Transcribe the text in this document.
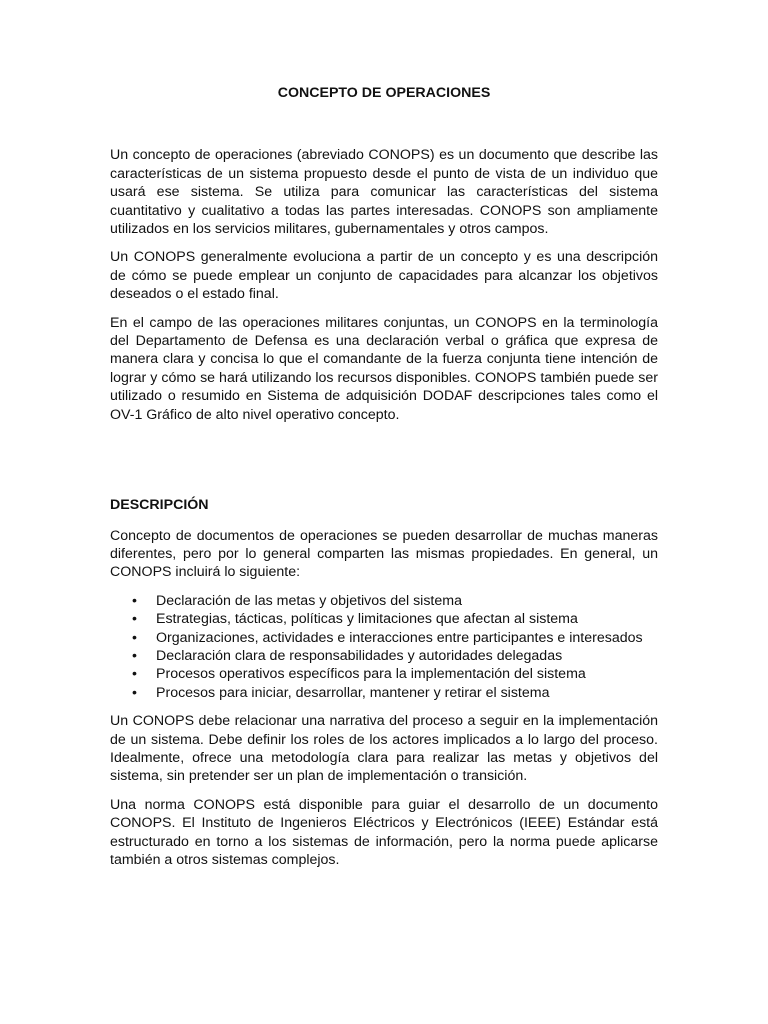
CONCEPTO DE OPERACIONES

Un concepto de operaciones (abreviado CONOPS) es un documento que describe las características de un sistema propuesto desde el punto de vista de un individuo que usará ese sistema. Se utiliza para comunicar las características del sistema cuantitativo y cualitativo a todas las partes interesadas. CONOPS son ampliamente utilizados en los servicios militares, gubernamentales y otros campos.

Un CONOPS generalmente evoluciona a partir de un concepto y es una descripción de cómo se puede emplear un conjunto de capacidades para alcanzar los objetivos deseados o el estado final.

En el campo de las operaciones militares conjuntas, un CONOPS en la terminología del Departamento de Defensa es una declaración verbal o gráfica que expresa de manera clara y concisa lo que el comandante de la fuerza conjunta tiene intención de lograr y cómo se hará utilizando los recursos disponibles. CONOPS también puede ser utilizado o resumido en Sistema de adquisición DODAF descripciones tales como el OV-1 Gráfico de alto nivel operativo concepto.

DESCRIPCIÓN

Concepto de documentos de operaciones se pueden desarrollar de muchas maneras diferentes, pero por lo general comparten las mismas propiedades. En general, un CONOPS incluirá lo siguiente:

• Declaración de las metas y objetivos del sistema
• Estrategias, tácticas, políticas y limitaciones que afectan al sistema
• Organizaciones, actividades e interacciones entre participantes e interesados
• Declaración clara de responsabilidades y autoridades delegadas
• Procesos operativos específicos para la implementación del sistema
• Procesos para iniciar, desarrollar, mantener y retirar el sistema

Un CONOPS debe relacionar una narrativa del proceso a seguir en la implementación de un sistema. Debe definir los roles de los actores implicados a lo largo del proceso. Idealmente, ofrece una metodología clara para realizar las metas y objetivos del sistema, sin pretender ser un plan de implementación o transición.

Una norma CONOPS está disponible para guiar el desarrollo de un documento CONOPS. El Instituto de Ingenieros Eléctricos y Electrónicos (IEEE) Estándar está estructurado en torno a los sistemas de información, pero la norma puede aplicarse también a otros sistemas complejos.
